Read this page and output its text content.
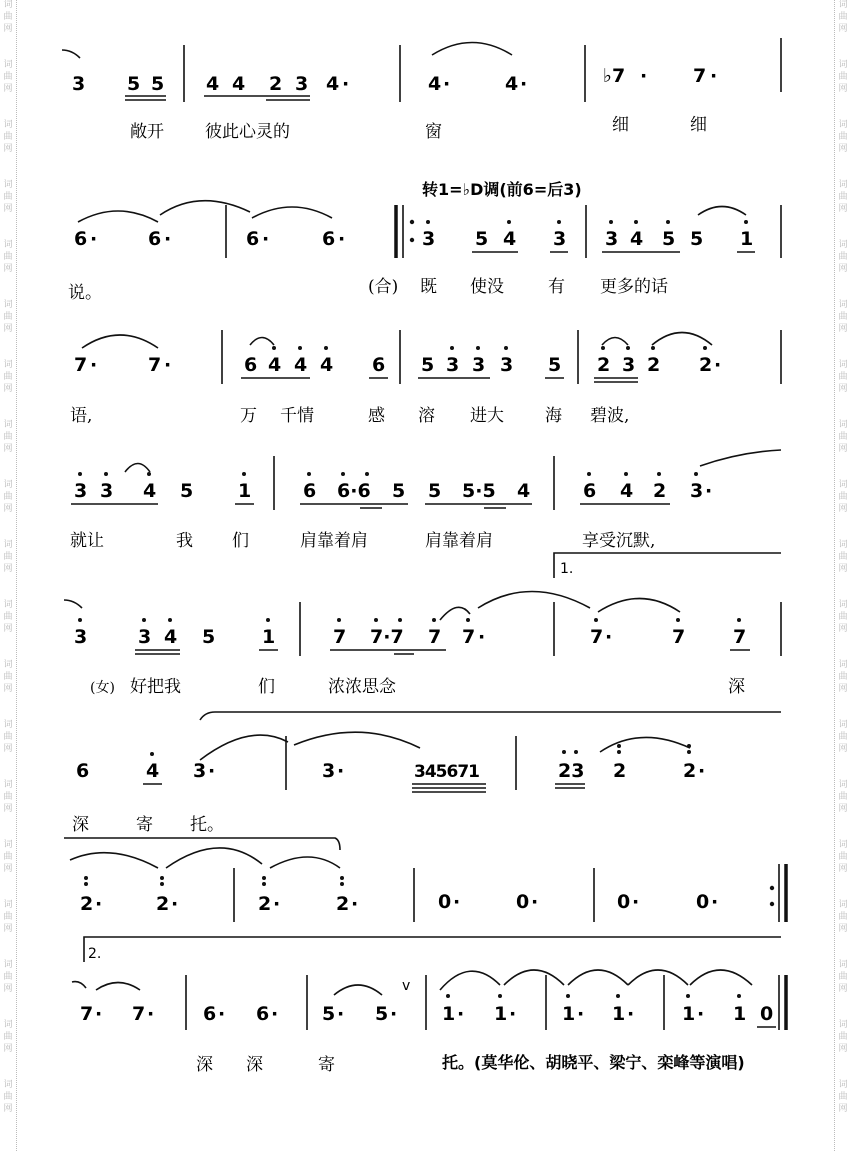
词
曲
网
词
曲
网
词
曲
网
词
曲
网
词
曲
网
词
曲
网
词
曲
网
词
曲
网
词
曲
网
词
曲
网
词
曲
网
词
曲
网
词
曲
网
词
曲
网
词
曲
网
词
曲
网
词
曲
网
词
曲
网
词
曲
网
词
曲
网
词
曲
网
词
曲
网
词
曲
网
词
曲
网
词
曲
网
词
曲
网
词
曲
网
词
曲
网
词
曲
网
词
曲
网
词
曲
网
词
曲
网
词
曲
网
词
曲
网
词
曲
网
词
曲
网
词
曲
网
词
曲
网
3 5 5 4 4 2 3 4 ·	4 ·	4 ·	♭7 · 7 ·
敞开 彼此心灵的	窗	细	细
转1=♭D调(前6=后3)
6 ·	6 ·	6 ·	6 ·	3 5 4 3 3 4 5 5 1
说。	(合) 既 使没	有 更多的话
7 ·	7 ·	6 4 4 4 6 5 3 3 3 5 2 3 2 2 ·
语,	万 千情	感 溶 进大 海 碧波,
3 3 4 5 1	6 6·6 5 5 5·5 4	6 4 2 3 ·
就让	我 们	肩靠着肩	肩靠着肩	享受沉默,
1.
3	3 4 5 1	7 7·7 7 7 ·	7 ·	7	7
(女) 好把我	们	浓浓思念	深
6	4 3 ·	3 ·	345671	23 2	2 ·
深	寄 托。
2 ·	2 ·	2 ·	2 ·	0 ·	0 ·	0 ·	0 ·
2.
7 · 7 ·	6 · 6 · 5 · 5 ·
v
1 · 1 · 1 · 1 ·	1 · 1 0
深 深	寄	托。(莫华伦、胡晓平、梁宁、栾峰等演唱)
